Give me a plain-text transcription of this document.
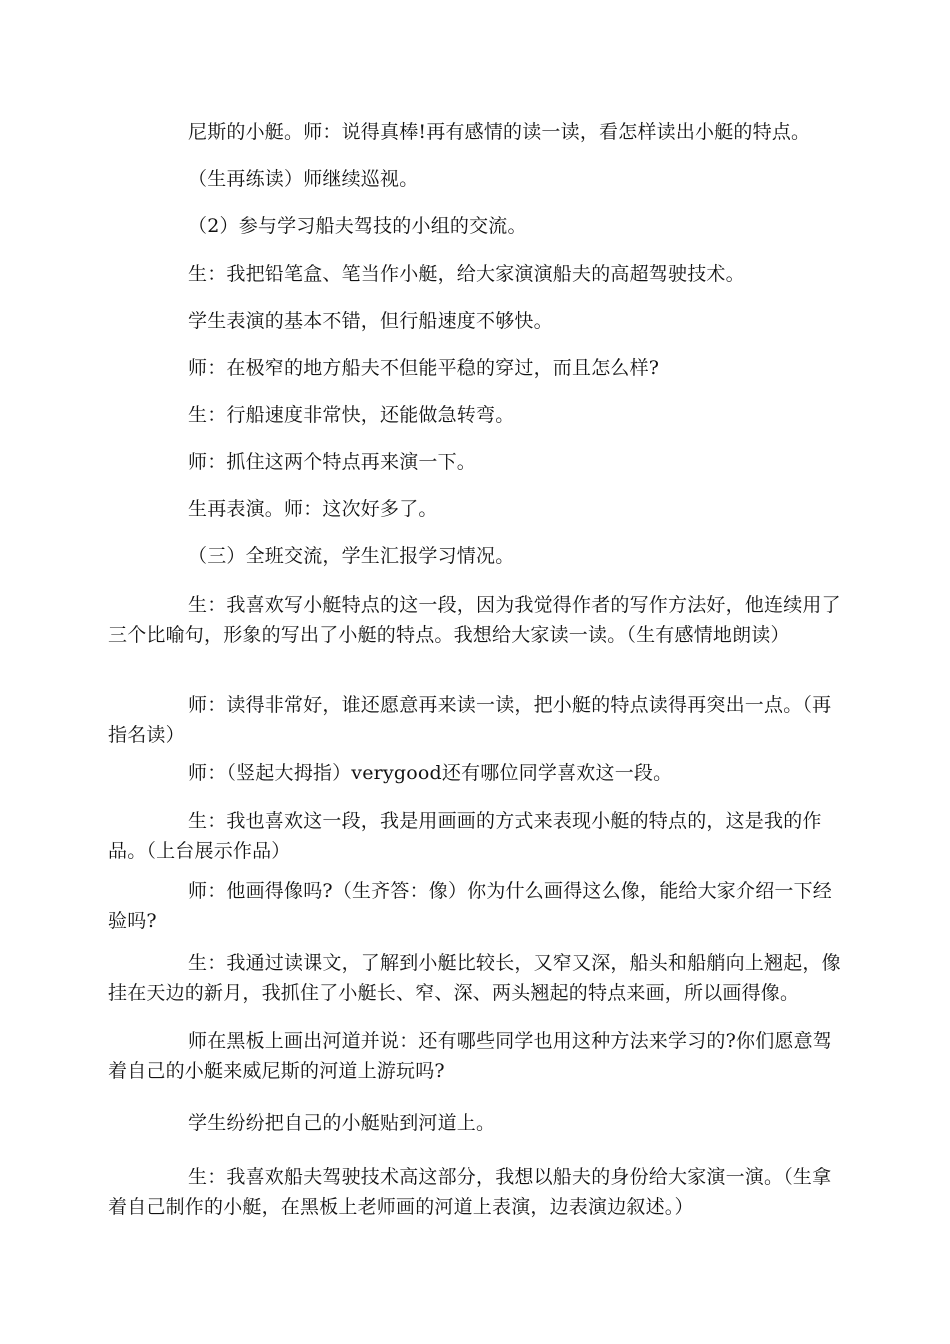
尼斯的小艇。师：说得真棒!再有感情的读一读，看怎样读出小艇的特点。
（生再练读）师继续巡视。
（2）参与学习船夫驾技的小组的交流。
生：我把铅笔盒、笔当作小艇，给大家演演船夫的高超驾驶技术。
学生表演的基本不错，但行船速度不够快。
师：在极窄的地方船夫不但能平稳的穿过，而且怎么样?
生：行船速度非常快，还能做急转弯。
师：抓住这两个特点再来演一下。
生再表演。师：这次好多了。
（三）全班交流，学生汇报学习情况。
生：我喜欢写小艇特点的这一段，因为我觉得作者的写作方法好，他连续用了三个比喻句，形象的写出了小艇的特点。我想给大家读一读。（生有感情地朗读）
师：读得非常好，谁还愿意再来读一读，把小艇的特点读得再突出一点。（再指名读）
师：（竖起大拇指）verygood还有哪位同学喜欢这一段。
生：我也喜欢这一段，我是用画画的方式来表现小艇的特点的，这是我的作品。（上台展示作品）
师：他画得像吗?（生齐答：像）你为什么画得这么像，能给大家介绍一下经验吗?
生：我通过读课文，了解到小艇比较长，又窄又深，船头和船艄向上翘起，像挂在天边的新月，我抓住了小艇长、窄、深、两头翘起的特点来画，所以画得像。
师在黑板上画出河道并说：还有哪些同学也用这种方法来学习的?你们愿意驾着自己的小艇来威尼斯的河道上游玩吗?
学生纷纷把自己的小艇贴到河道上。
生：我喜欢船夫驾驶技术高这部分，我想以船夫的身份给大家演一演。（生拿着自己制作的小艇，在黑板上老师画的河道上表演，边表演边叙述。）
